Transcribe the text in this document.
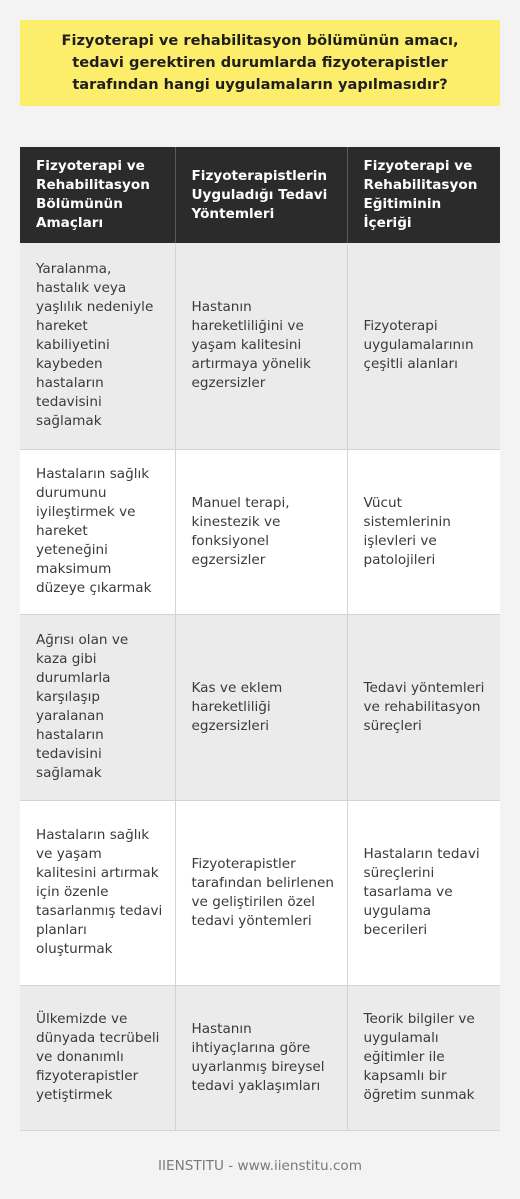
Fizyoterapi ve rehabilitasyon bölümünün amacı, tedavi gerektiren durumlarda fizyoterapistler tarafından hangi uygulamaların yapılmasıdır?
Fizyoterapi ve Rehabilitasyon Bölümünün Amaçları	Fizyoterapistlerin Uyguladığı Tedavi Yöntemleri	Fizyoterapi ve Rehabilitasyon Eğitiminin İçeriği
Yaralanma, hastalık veya yaşlılık nedeniyle hareket kabiliyetini kaybeden hastaların tedavisini sağlamak	Hastanın hareketliliğini ve yaşam kalitesini artırmaya yönelik egzersizler	Fizyoterapi uygulamalarının çeşitli alanları
Hastaların sağlık durumunu iyileştirmek ve hareket yeteneğini maksimum düzeye çıkarmak	Manuel terapi, kinestezik ve fonksiyonel egzersizler	Vücut sistemlerinin işlevleri ve patolojileri
Ağrısı olan ve kaza gibi durumlarla karşılaşıp yaralanan hastaların tedavisini sağlamak	Kas ve eklem hareketliliği egzersizleri	Tedavi yöntemleri ve rehabilitasyon süreçleri
Hastaların sağlık ve yaşam kalitesini artırmak için özenle tasarlanmış tedavi planları oluşturmak	Fizyoterapistler tarafından belirlenen ve geliştirilen özel tedavi yöntemleri	Hastaların tedavi süreçlerini tasarlama ve uygulama becerileri
Ülkemizde ve dünyada tecrübeli ve donanımlı fizyoterapistler yetiştirmek	Hastanın ihtiyaçlarına göre uyarlanmış bireysel tedavi yaklaşımları	Teorik bilgiler ve uygulamalı eğitimler ile kapsamlı bir öğretim sunmak
IIENSTITU - www.iienstitu.com
